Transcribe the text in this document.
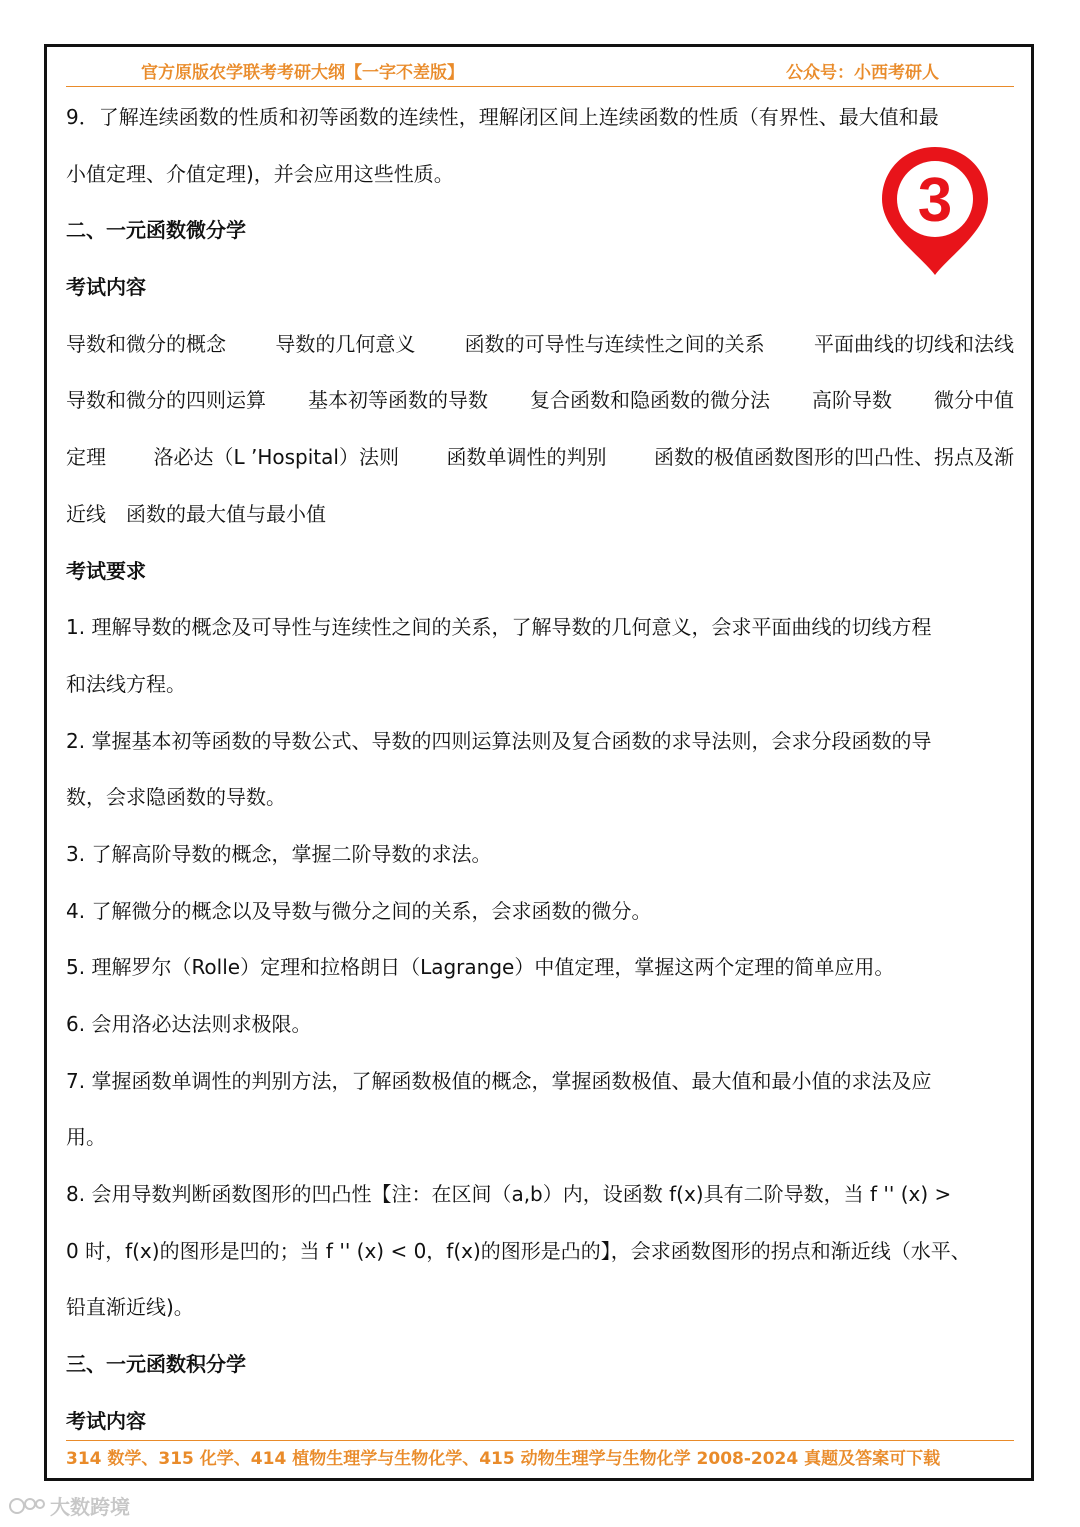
官方原版农学联考考研大纲【一字不差版】	公众号：小西考研人
3
9．了解连续函数的性质和初等函数的连续性，理解闭区间上连续函数的性质（有界性、最大值和最
小值定理、介值定理)，并会应用这些性质。
二、一元函数微分学
考试内容
导数和微分的概念 导数的几何意义 函数的可导性与连续性之间的关系 平面曲线的切线和法线
导数和微分的四则运算 基本初等函数的导数 复合函数和隐函数的微分法 高阶导数 微分中值
定理 洛必达（L ’Hospital）法则 函数单调性的判别 函数的极值函数图形的凹凸性、拐点及渐
近线　函数的最大值与最小值
考试要求
1. 理解导数的概念及可导性与连续性之间的关系，了解导数的几何意义，会求平面曲线的切线方程
和法线方程。
2. 掌握基本初等函数的导数公式、导数的四则运算法则及复合函数的求导法则，会求分段函数的导
数，会求隐函数的导数。
3. 了解高阶导数的概念，掌握二阶导数的求法。
4. 了解微分的概念以及导数与微分之间的关系，会求函数的微分。
5. 理解罗尔（Rolle）定理和拉格朗日（Lagrange）中值定理，掌握这两个定理的简单应用。
6. 会用洛必达法则求极限。
7. 掌握函数单调性的判别方法，了解函数极值的概念，掌握函数极值、最大值和最小值的求法及应
用。
8. 会用导数判断函数图形的凹凸性【注：在区间（a,b）内，设函数 f(x)具有二阶导数，当 f '' (x) >
0 时，f(x)的图形是凹的；当 f '' (x) < 0，f(x)的图形是凸的】，会求函数图形的拐点和渐近线（水平、
铅直渐近线)。
三、一元函数积分学
考试内容
314 数学、315 化学、414 植物生理学与生物化学、415 动物生理学与生物化学 2008-2024 真题及答案可下载
大数跨境
